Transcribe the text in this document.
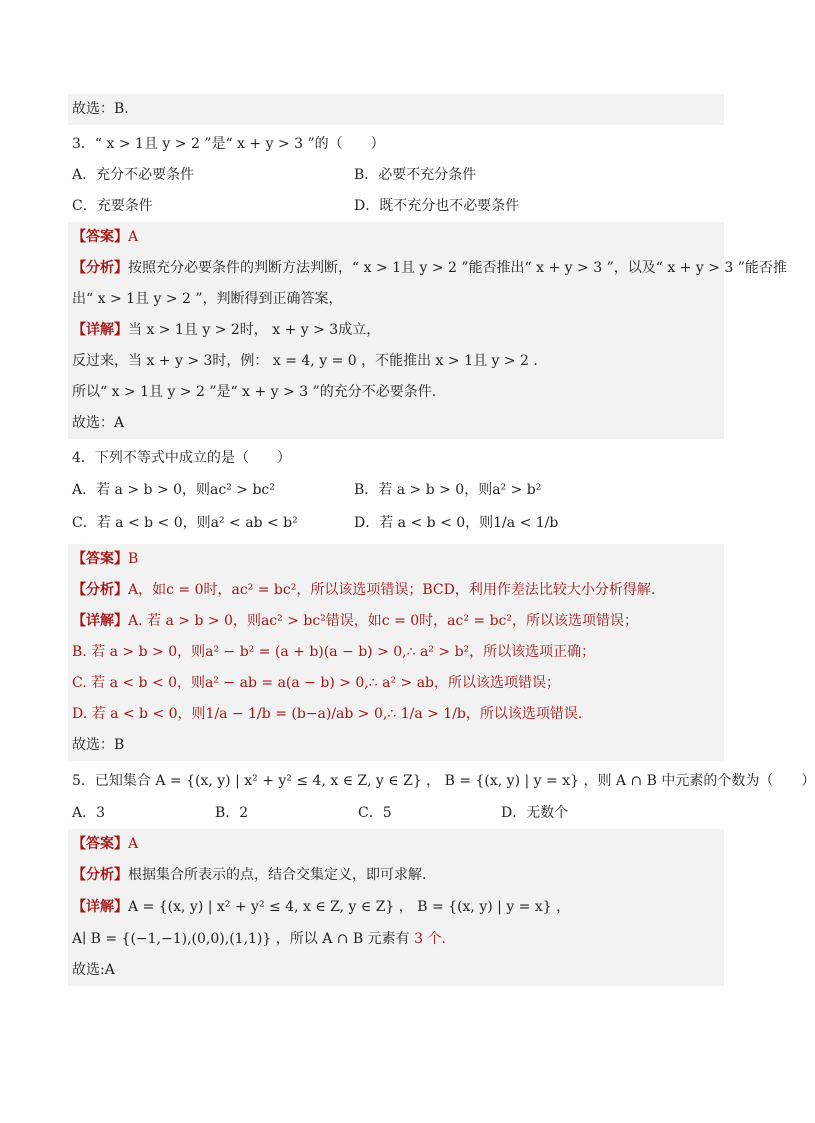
故选：B.
3．“ x > 1且 y > 2 ”是“ x + y > 3 ”的（　　）
A．充分不必要条件	B．必要不充分条件
C．充要条件	D．既不充分也不必要条件
【答案】A
【分析】按照充分必要条件的判断方法判断，“ x > 1且 y > 2 ”能否推出“ x + y > 3 ”，以及“ x + y > 3 ”能否推
出“ x > 1且 y > 2 ”，判断得到正确答案，
【详解】当 x > 1且 y > 2时， x + y > 3成立，
反过来，当 x + y > 3时，例： x = 4, y = 0 ，不能推出 x > 1且 y > 2 .
所以“ x > 1且 y > 2 ”是“ x + y > 3 ”的充分不必要条件.
故选：A
4．下列不等式中成立的是（　　）
A．若 a > b > 0，则ac² > bc²	B．若 a > b > 0，则a² > b²
C．若 a < b < 0，则a² < ab < b²	D．若 a < b < 0，则1/a < 1/b
【答案】B
【分析】A，如c = 0时，ac² = bc²，所以该选项错误；BCD，利用作差法比较大小分析得解.
【详解】A. 若 a > b > 0，则ac² > bc²错误，如c = 0时，ac² = bc²，所以该选项错误；
B. 若 a > b > 0，则a² − b² = (a + b)(a − b) > 0,∴ a² > b²，所以该选项正确；
C. 若 a < b < 0，则a² − ab = a(a − b) > 0,∴ a² > ab，所以该选项错误；
D. 若 a < b < 0，则1/a − 1/b = (b−a)/ab > 0,∴ 1/a > 1/b，所以该选项错误.
故选：B
5．已知集合 A = {(x, y) | x² + y² ≤ 4, x ∈ Z, y ∈ Z} ， B = {(x, y) | y = x} ，则 A ∩ B 中元素的个数为（　　）
A．3	B．2	C．5	D．无数个
【答案】A
【分析】根据集合所表示的点，结合交集定义，即可求解.
【详解】A = {(x, y) | x² + y² ≤ 4, x ∈ Z, y ∈ Z} ， B = {(x, y) | y = x} ，
A∣ B = {(−1,−1),(0,0),(1,1)} ，所以 A ∩ B 元素有 3 个.
故选:A
